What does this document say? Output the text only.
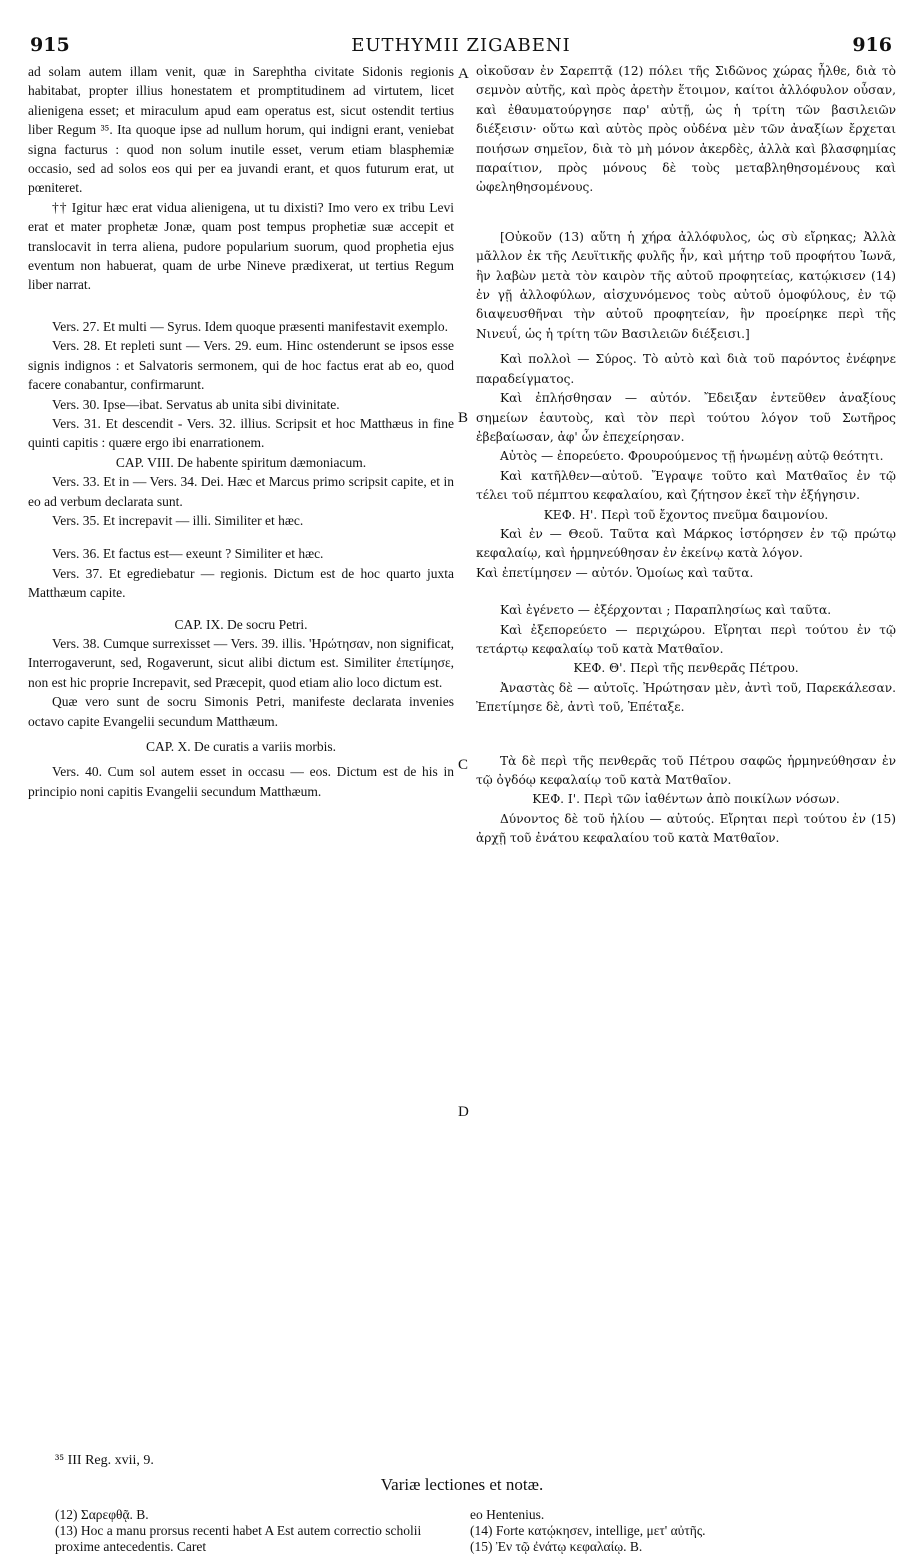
915	EUTHYMII ZIGABENI	916
A
B
C
D

ad solam autem illam venit, quæ in Sarephtha civitate Sidonis regionis habitabat, propter illius honestatem et promptitudinem ad virtutem, licet alienigena esset; et miraculum apud eam operatus est, sicut ostendit tertius liber Regum ³⁵. Ita quoque ipse ad nullum horum, qui indigni erant, veniebat signa facturus : quod non solum inutile esset, verum etiam blasphemiæ occasio, sed ad solos eos qui per ea juvandi erant, et quos futurum erat, ut pœniteret.

†† Igitur hæc erat vidua alienigena, ut tu dixisti? Imo vero ex tribu Levi erat et mater prophetæ Jonæ, quam post tempus prophetiæ suæ accepit et translocavit in terra aliena, pudore popularium suorum, quod prophetia ejus eventum non habuerat, quam de urbe Nineve prædixerat, ut tertius Regum liber narrat.

Vers. 27. Et multi — Syrus. Idem quoque præsenti manifestavit exemplo.

Vers. 28. Et repleti sunt — Vers. 29. eum. Hinc ostenderunt se ipsos esse signis indignos : et Salvatoris sermonem, qui de hoc factus erat ab eo, quod facere conabantur, confirmarunt.

Vers. 30. Ipse—ibat. Servatus ab unita sibi divinitate.

Vers. 31. Et descendit - Vers. 32. illius. Scripsit et hoc Matthæus in fine quinti capitis : quære ergo ibi enarrationem.

CAP. VIII. De habente spiritum dæmoniacum.

Vers. 33. Et in — Vers. 34. Dei. Hæc et Marcus primo scripsit capite, et in eo ad verbum declarata sunt.

Vers. 35. Et increpavit — illi. Similiter et hæc.

Vers. 36. Et factus est— exeunt ? Similiter et hæc.

Vers. 37. Et egrediebatur — regionis. Dictum est de hoc quarto juxta Matthæum capite.

CAP. IX. De socru Petri.

Vers. 38. Cumque surrexisset — Vers. 39. illis. 'Ηρώτησαν, non significat, Interrogaverunt, sed, Rogaverunt, sicut alibi dictum est. Similiter ἐπετίμησε, non est hic proprie Increpavit, sed Præcepit, quod etiam alio loco dictum est.

Quæ vero sunt de socru Simonis Petri, manifeste declarata invenies octavo capite Evangelii secundum Matthæum.

CAP. X. De curatis a variis morbis.

Vers. 40. Cum sol autem esset in occasu — eos. Dictum est de his in principio noni capitis Evangelii secundum Matthæum.

οἰκοῦσαν ἐν Σαρεπτᾷ (12) πόλει τῆς Σιδῶνος χώρας ἦλθε, διὰ τὸ σεμνὸν αὐτῆς, καὶ πρὸς ἀρετὴν ἕτοιμον, καίτοι ἀλλόφυλον οὖσαν, καὶ ἐθαυματούργησε παρ' αὐτῇ, ὡς ἡ τρίτη τῶν βασιλειῶν διέξεισιν· οὕτω καὶ αὐτὸς πρὸς οὐδένα μὲν τῶν ἀναξίων ἔρχεται ποιήσων σημεῖον, διὰ τὸ μὴ μόνον ἀκερδὲς, ἀλλὰ καὶ βλασφημίας παραίτιον, πρὸς μόνους δὲ τοὺς μεταβληθησομένους καὶ ὠφεληθησομένους.

[Οὐκοῦν (13) αὕτη ἡ χήρα ἀλλόφυλος, ὡς σὺ εἴρηκας; Ἀλλὰ μᾶλλον ἐκ τῆς Λευϊτικῆς φυλῆς ἦν, καὶ μήτηρ τοῦ προφήτου Ἰωνᾶ, ἣν λαβὼν μετὰ τὸν καιρὸν τῆς αὐτοῦ προφητείας, κατῴκισεν (14) ἐν γῇ ἀλλοφύλων, αἰσχυνόμενος τοὺς αὐτοῦ ὁμοφύλους, ἐν τῷ διαψευσθῆναι τὴν αὐτοῦ προφητείαν, ἣν προείρηκε περὶ τῆς Νινευΐ, ὡς ἡ τρίτη τῶν Βασιλειῶν διέξεισι.]

Καὶ πολλοὶ — Σύρος. Τὸ αὐτὸ καὶ διὰ τοῦ παρόντος ἐνέφηνε παραδείγματος.

Καὶ ἐπλήσθησαν — αὐτόν. Ἔδειξαν ἐντεῦθεν ἀναξίους σημείων ἑαυτοὺς, καὶ τὸν περὶ τούτου λόγον τοῦ Σωτῆρος ἐβεβαίωσαν, ἀφ' ὧν ἐπεχείρησαν.

Αὐτὸς — ἐπορεύετο. Φρουρούμενος τῇ ἡνωμένῃ αὐτῷ θεότητι.

Καὶ κατῆλθεν—αὐτοῦ. Ἔγραψε τοῦτο καὶ Ματθαῖος ἐν τῷ τέλει τοῦ πέμπτου κεφαλαίου, καὶ ζήτησον ἐκεῖ τὴν ἐξήγησιν.

ΚΕΦ. Η'. Περὶ τοῦ ἔχοντος πνεῦμα δαιμονίου.

Καὶ ἐν — Θεοῦ. Ταῦτα καὶ Μάρκος ἱστόρησεν ἐν τῷ πρώτῳ κεφαλαίῳ, καὶ ἡρμηνεύθησαν ἐν ἐκείνῳ κατὰ λόγον.

Καὶ ἐπετίμησεν — αὐτόν. Ὁμοίως καὶ ταῦτα.

Καὶ ἐγένετο — ἐξέρχονται ; Παραπλησίως καὶ ταῦτα.

Καὶ ἐξεπορεύετο — περιχώρου. Εἴρηται περὶ τούτου ἐν τῷ τετάρτῳ κεφαλαίῳ τοῦ κατὰ Ματθαῖον.

ΚΕΦ. Θ'. Περὶ τῆς πενθερᾶς Πέτρου.

Ἀναστὰς δὲ — αὐτοῖς. Ἠρώτησαν μὲν, ἀντὶ τοῦ, Παρεκάλεσαν. Ἐπετίμησε δὲ, ἀντὶ τοῦ, Ἐπέταξε.

Τὰ δὲ περὶ τῆς πενθερᾶς τοῦ Πέτρου σαφῶς ἡρμηνεύθησαν ἐν τῷ ὀγδόῳ κεφαλαίῳ τοῦ κατὰ Ματθαῖον.

ΚΕΦ. Ι'. Περὶ τῶν ἰαθέντων ἀπὸ ποικίλων νόσων.

Δύνοντος δὲ τοῦ ἡλίου — αὐτούς. Εἴρηται περὶ τούτου ἐν (15) ἀρχῇ τοῦ ἐνάτου κεφαλαίου τοῦ κατὰ Ματθαῖον.

³⁵ III Reg. xvii, 9.
Variæ lectiones et notæ.
(12) Σαρεφθᾷ. B.
(13) Hoc a manu prorsus recenti habet A Est autem correctio scholii proxime antecedentis. Caret
eo Hentenius.
(14) Forte κατῴκησεν, intellige, μετ' αὐτῆς.
(15) Ἐν τῷ ἐνάτῳ κεφαλαίῳ. B.
